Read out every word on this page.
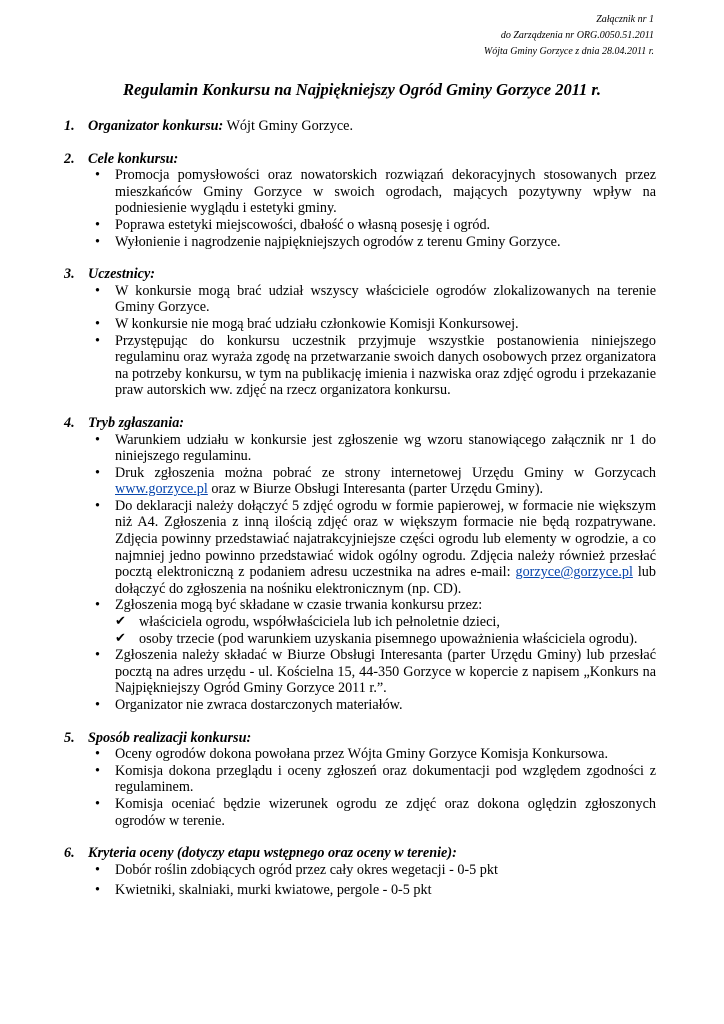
Załącznik nr 1
do Zarządzenia nr ORG.0050.51.2011
Wójta Gminy Gorzyce z dnia 28.04.2011 r.
Regulamin Konkursu na Najpiękniejszy Ogród Gminy Gorzyce 2011 r.
1. Organizator konkursu: Wójt Gminy Gorzyce.
2. Cele konkursu:
• Promocja pomysłowości oraz nowatorskich rozwiązań dekoracyjnych stosowanych przez mieszkańców Gminy Gorzyce w swoich ogrodach, mających pozytywny wpływ na podniesienie wyglądu i estetyki gminy.
• Poprawa estetyki miejscowości, dbałość o własną posesję i ogród.
• Wyłonienie i nagrodzenie najpiękniejszych ogrodów z terenu Gminy Gorzyce.
3. Uczestnicy:
• W konkursie mogą brać udział wszyscy właściciele ogrodów zlokalizowanych na terenie Gminy Gorzyce.
• W konkursie nie mogą brać udziału członkowie Komisji Konkursowej.
• Przystępując do konkursu uczestnik przyjmuje wszystkie postanowienia niniejszego regulaminu oraz wyraża zgodę na przetwarzanie swoich danych osobowych przez organizatora na potrzeby konkursu, w tym na publikację imienia i nazwiska oraz zdjęć ogrodu i przekazanie praw autorskich ww. zdjęć na rzecz organizatora konkursu.
4. Tryb zgłaszania:
• Warunkiem udziału w konkursie jest zgłoszenie wg wzoru stanowiącego załącznik nr 1 do niniejszego regulaminu.
• Druk zgłoszenia można pobrać ze strony internetowej Urzędu Gminy w Gorzycach www.gorzyce.pl oraz w Biurze Obsługi Interesanta (parter Urzędu Gminy).
• Do deklaracji należy dołączyć 5 zdjęć ogrodu w formie papierowej, w formacie nie większym niż A4. Zgłoszenia z inną ilością zdjęć oraz w większym formacie nie będą rozpatrywane. Zdjęcia powinny przedstawiać najatrakcyjniejsze części ogrodu lub elementy w ogrodzie, a co najmniej jedno powinno przedstawiać widok ogólny ogrodu. Zdjęcia należy również przesłać pocztą elektroniczną z podaniem adresu uczestnika na adres e-mail: gorzyce@gorzyce.pl lub dołączyć do zgłoszenia na nośniku elektronicznym (np. CD).
• Zgłoszenia mogą być składane w czasie trwania konkursu przez:
✔ właściciela ogrodu, współwłaściciela lub ich pełnoletnie dzieci,
✔ osoby trzecie (pod warunkiem uzyskania pisemnego upoważnienia właściciela ogrodu).
• Zgłoszenia należy składać w Biurze Obsługi Interesanta (parter Urzędu Gminy) lub przesłać pocztą na adres urzędu - ul. Kościelna 15, 44-350 Gorzyce w kopercie z napisem „Konkurs na Najpiękniejszy Ogród Gminy Gorzyce 2011 r.”.
• Organizator nie zwraca dostarczonych materiałów.
5. Sposób realizacji konkursu:
• Oceny ogrodów dokona powołana przez Wójta Gminy Gorzyce Komisja Konkursowa.
• Komisja dokona przeglądu i oceny zgłoszeń oraz dokumentacji pod względem zgodności z regulaminem.
• Komisja oceniać będzie wizerunek ogrodu ze zdjęć oraz dokona oględzin zgłoszonych ogrodów w terenie.
6. Kryteria oceny (dotyczy etapu wstępnego oraz oceny w terenie):
• Dobór roślin zdobiących ogród przez cały okres wegetacji - 0-5 pkt
• Kwietniki, skalniaki, murki kwiatowe, pergole - 0-5 pkt
